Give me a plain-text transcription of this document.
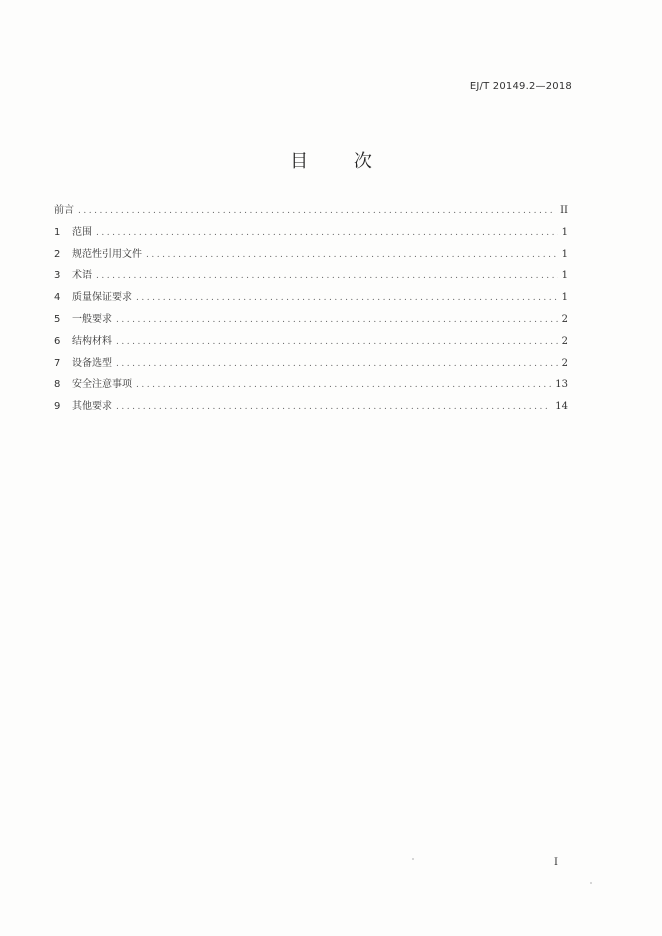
EJ/T 20149.2—2018
目 次
前言 .....	II
1	范围 .....	1
2	规范性引用文件 .....	1
3	术语 .....	1
4	质量保证要求 .....	1
5	一般要求 .....	2
6	结构材料 .....	2
7	设备选型 .....	2
8	安全注意事项 .....	13
9	其他要求 .....	14
I
